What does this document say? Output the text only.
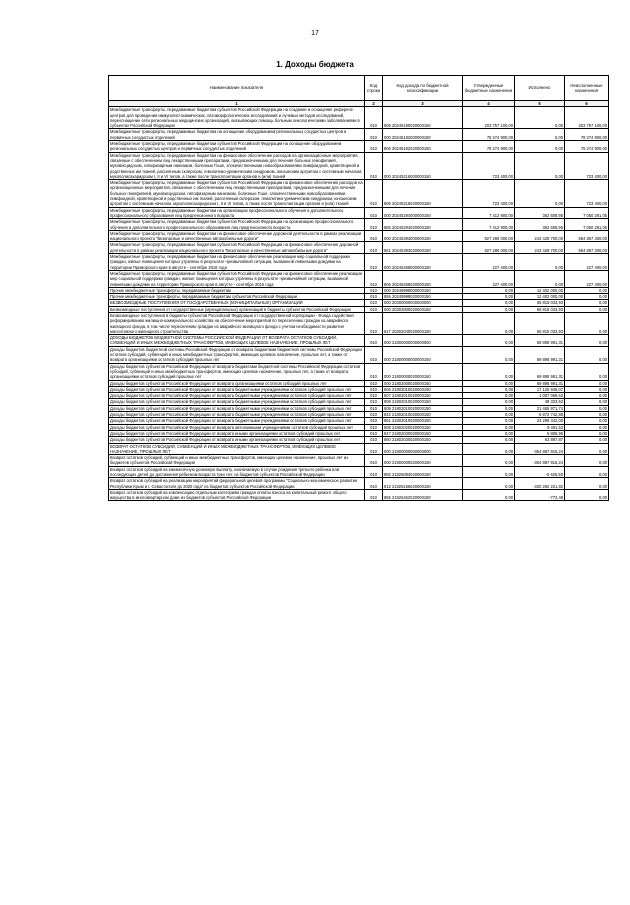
17
1. Доходы бюджета
Наименование показателя	Код строки	Код дохода по бюджетной классификации	Утвержденные бюджетные назначения	Исполнено	Неисполненные назначения
1	2	3	4	5	6
Межбюджетные трансферты, передаваемые бюджетам субъектов Российской Федерации на создание и оснащение референс-центров для проведения иммуногистохимических, патоморфологических исследований и лучевых методов исследований, переоснащение сети региональных медицинских организаций, оказывающих помощь больным онкологическими заболеваниями в субъектах Российской Федерации	010	806 20245190020000150	203 757 100,00	0,00	203 757 100,00
Межбюджетные трансферты, передаваемые бюджетам на оснащение оборудованием региональных сосудистых центров и первичных сосудистых отделений	010	000 20245192000000150	78 274 900,00	0,00	78 274 900,00
Межбюджетные трансферты, передаваемые бюджетам субъектов Российской Федерации на оснащение оборудованием региональных сосудистых центров и первичных сосудистых отделений	010	806 20245192020000150	78 274 900,00	0,00	78 274 900,00
Межбюджетные трансферты, передаваемые бюджетам на финансовое обеспечение расходов на организационные мероприятия, связанные с обеспечением лиц лекарственными препаратами, предназначенными для лечения больных гемофилией, муковисцидозом, гипофизарным нанизмом, болезнью Гоше, злокачественными новообразованиями лимфоидной, кроветворной и родственных им тканей, рассеянным склерозом, гемолитико-уремическим синдромом, юношеским артритом с системным началом, мукополисахаридозом I, II и VI типов, а также после трансплантации органов и (или) тканей	010	000 20245216000000150	723 400,00	0,00	723 400,00
Межбюджетные трансферты, передаваемые бюджетам субъектов Российской Федерации на финансовое обеспечение расходов на организационные мероприятия, связанные с обеспечением лиц лекарственными препаратами, предназначенными для лечения больных гемофилией, муковисцидозом, гипофизарным нанизмом, болезнью Гоше, злокачественными новообразованиями лимфоидной, кроветворной и родственных им тканей, рассеянным склерозом, гемолитико-уремическим синдромом, юношеским артритом с системным началом, мукополисахаридозом I, II и VI типов, а также после трансплантации органов и (или) тканей	010	806 20245216020000150	723 400,00	0,00	723 400,00
Межбюджетные трансферты, передаваемые бюджетам на организацию профессионального обучения и дополнительного профессионального образования лиц предпенсионного возраста	010	000 20245294000000150	7 412 900,00	362 608,95	7 050 291,05
Межбюджетные трансферты, передаваемые бюджетам субъектов Российской Федерации на организацию профессионального обучения и дополнительного профессионального образования лиц предпенсионного возраста	010	855 20245294020000150	7 412 900,00	362 608,95	7 050 291,05
Межбюджетные трансферты, передаваемые бюджетам на финансовое обеспечение дорожной деятельности в рамках реализации национального проекта "Безопасные и качественные автомобильные дороги"	010	000 20245393000000150	827 286 000,00	242 428 700,00	584 857 300,00
Межбюджетные трансферты, передаваемые бюджетам субъектов Российской Федерации на финансовое обеспечение дорожной деятельности в рамках реализации национального проекта "Безопасные и качественные автомобильные дороги"	010	861 20245393020000150	827 286 000,00	242 428 700,00	584 857 300,00
Межбюджетные трансферты, передаваемые бюджетам на финансовое обеспечение реализации мер социальной поддержки граждан, жилые помещения которых утрачены в результате чрезвычайной ситуации, вызванной ливневыми дождями на территории Приморского края в августе - сентябре 2016 года	010	000 20245458000000150	227 400,00	0,00	227 400,00
Межбюджетные трансферты, передаваемые бюджетам субъектов Российской Федерации на финансовое обеспечение реализации мер социальной поддержки граждан, жилые помещения которых утрачены в результате чрезвычайной ситуации, вызванной ливневыми дождями на территории Приморского края в августе - сентябре 2016 года	010	806 20245458020000150	227 400,00	0,00	227 400,00
Прочие межбюджетные трансферты, передаваемые бюджетам	010	000 20249999000000150	0,00	12 402 000,00	0,00
Прочие межбюджетные трансферты, передаваемые бюджетам субъектов Российской Федерации	010	855 20249999020000150	0,00	12 402 000,00	0,00
БЕЗВОЗМЕЗДНЫЕ ПОСТУПЛЕНИЯ ОТ ГОСУДАРСТВЕННЫХ (МУНИЦИПАЛЬНЫХ) ОРГАНИЗАЦИЙ	010	000 20300000000000000	0,00	65 815 033,93	0,00
Безвозмездные поступления от государственных (муниципальных) организаций в бюджеты субъектов Российской Федерации	010	000 20302000020000150	0,00	65 815 033,93	0,00
Безвозмездные поступления в бюджеты субъектов Российской Федерации от государственной корпорации - Фонда содействия реформированию жилищно-коммунального хозяйства на обеспечение мероприятий по переселению граждан из аварийного жилищного фонда, в том числе переселению граждан из аварийного жилищного фонда с учетом необходимости развития малоэтажного жилищного строительства	010	817 20302040020000150	0,00	65 815 033,93	0,00
ДОХОДЫ БЮДЖЕТОВ БЮДЖЕТНОЙ СИСТЕМЫ РОССИЙСКОЙ ФЕДЕРАЦИИ ОТ ВОЗВРАТА ОСТАТКОВ СУБСИДИЙ, СУБВЕНЦИЙ И ИНЫХ МЕЖБЮДЖЕТНЫХ ТРАНСФЕРТОВ, ИМЕЮЩИХ ЦЕЛЕВОЕ НАЗНАЧЕНИЕ, ПРОШЛЫХ ЛЕТ	010	000 21800000000000000	0,00	69 898 991,31	0,00
Доходы бюджетов бюджетной системы Российской Федерации от возврата бюджетами бюджетной системы Российской Федерации остатков субсидий, субвенций и иных межбюджетных трансфертов, имеющих целевое назначение, прошлых лет, а также от возврата организациями остатков субсидий прошлых лет	010	000 21800000000000150	0,00	69 898 991,31	0,00
Доходы бюджетов субъектов Российской Федерации от возврата бюджетами бюджетной системы Российской Федерации остатков субсидий, субвенций и иных межбюджетных трансфертов, имеющих целевое назначение, прошлых лет, а также от возврата организациями остатков субсидий прошлых лет	010	000 21800000020000150	0,00	69 898 991,31	0,00
Доходы бюджетов субъектов Российской Федерации от возврата организациями остатков субсидий прошлых лет	010	000 21802000020000150	0,00	69 898 991,31	0,00
Доходы бюджетов субъектов Российской Федерации от возврата бюджетными учреждениями остатков субсидий прошлых лет	010	806 21802010020000150	0,00	17 125 945,07	0,00
Доходы бюджетов субъектов Российской Федерации от возврата бюджетными учреждениями остатков субсидий прошлых лет	010	807 21802010020000150	0,00	1 007 069,63	0,00
Доходы бюджетов субъектов Российской Федерации от возврата бюджетными учреждениями остатков субсидий прошлых лет	010	808 21802010020000150	0,00	49 323,63	0,00
Доходы бюджетов субъектов Российской Федерации от возврата бюджетными учреждениями остатков субсидий прошлых лет	010	809 21802010020000150	0,00	21 465 971,74	0,00
Доходы бюджетов субъектов Российской Федерации от возврата бюджетными учреждениями остатков субсидий прошлых лет	010	842 21802010020000150	0,00	5 872 742,88	0,00
Доходы бюджетов субъектов Российской Федерации от возврата бюджетными учреждениями остатков субсидий прошлых лет	010	861 21802010020000150	0,00	24 299 342,00	0,00
Доходы бюджетов субъектов Российской Федерации от возврата автономными учреждениями остатков субсидий прошлых лет	010	808 21802020020000150	0,00	9 491,53	0,00
Доходы бюджетов субъектов Российской Федерации от возврата иными организациями остатков субсидий прошлых лет	010	847 21802030020000150	0,00	5 806,96	0,00
Доходы бюджетов субъектов Российской Федерации от возврата иными организациями остатков субсидий прошлых лет	010	860 21802030020000150	0,00	63 897,87	0,00
ВОЗВРАТ ОСТАТКОВ СУБСИДИЙ, СУБВЕНЦИЙ И ИНЫХ МЕЖБЮДЖЕТНЫХ ТРАНСФЕРТОВ, ИМЕЮЩИХ ЦЕЛЕВОЕ НАЗНАЧЕНИЕ, ПРОШЛЫХ ЛЕТ	010	000 21900000000000000	0,00	-364 887 816,24	0,00
Возврат остатков субсидий, субвенций и иных межбюджетных трансфертов, имеющих целевое назначение, прошлых лет из бюджетов субъектов Российской Федерации	010	000 21900000020000150	0,00	-364 887 816,24	0,00
Возврат остатков субсидий на ежемесячную денежную выплату, назначаемую в случае рождения третьего ребенка или последующих детей до достижения ребенком возраста трех лет, из бюджетов субъектов Российской Федерации	010	855 21925084020000150	0,00	-6 626,50	0,00
Возврат остатков субсидий на реализацию мероприятий федеральной целевой программы "Социально-экономическое развитие Республики Крым и г. Севастополя до 2020 года" из бюджетов субъектов Российской Федерации	010	812 21925156020000150	0,00	-330 282 221,82	0,00
Возврат остатков субсидий на компенсацию отдельным категориям граждан оплаты взноса на капитальный ремонт общего имущества в многоквартирном доме из бюджетов субъектов Российской Федерации	010	855 21925462020000150	0,00	-772,48	0,00
